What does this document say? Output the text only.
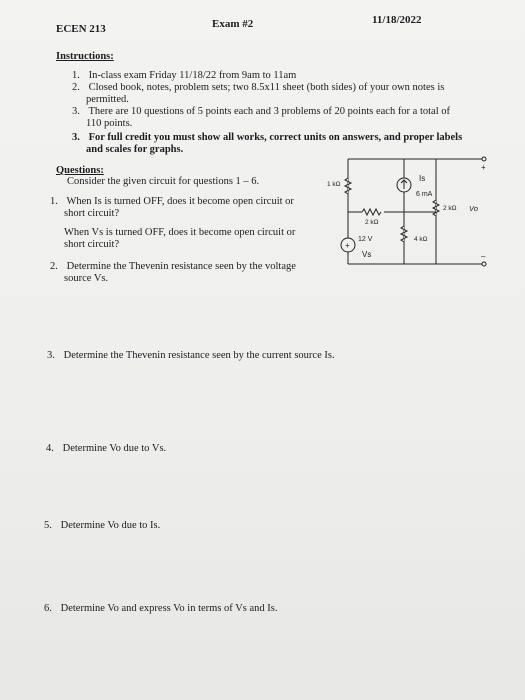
ECEN 213	Exam #2	11/18/2022
Instructions:
1. In-class exam Friday 11/18/22 from 9am to 11am
2. Closed book, notes, problem sets; two 8.5x11 sheet (both sides) of your own notes is
permitted.
3. There are 10 questions of 5 points each and 3 problems of 20 points each for a total of
110 points.
3. For full credit you must show all works, correct units on answers, and proper labels
and scales for graphs.
Questions:
Consider the given circuit for questions 1 – 6.
1. When Is is turned OFF, does it become open circuit or
short circuit?
When Vs is turned OFF, does it become open circuit or
short circuit?
2. Determine the Thevenin resistance seen by the voltage
source Vs.
3. Determine the Thevenin resistance seen by the current source Is.
4. Determine Vo due to Vs.
5. Determine Vo due to Is.
6. Determine Vo and express Vo in terms of Vs and Is.
1 kΩ
2 kΩ
4 kΩ
2 kΩ Vo
Is
6 mA
12 V
Vs
+
+
–
